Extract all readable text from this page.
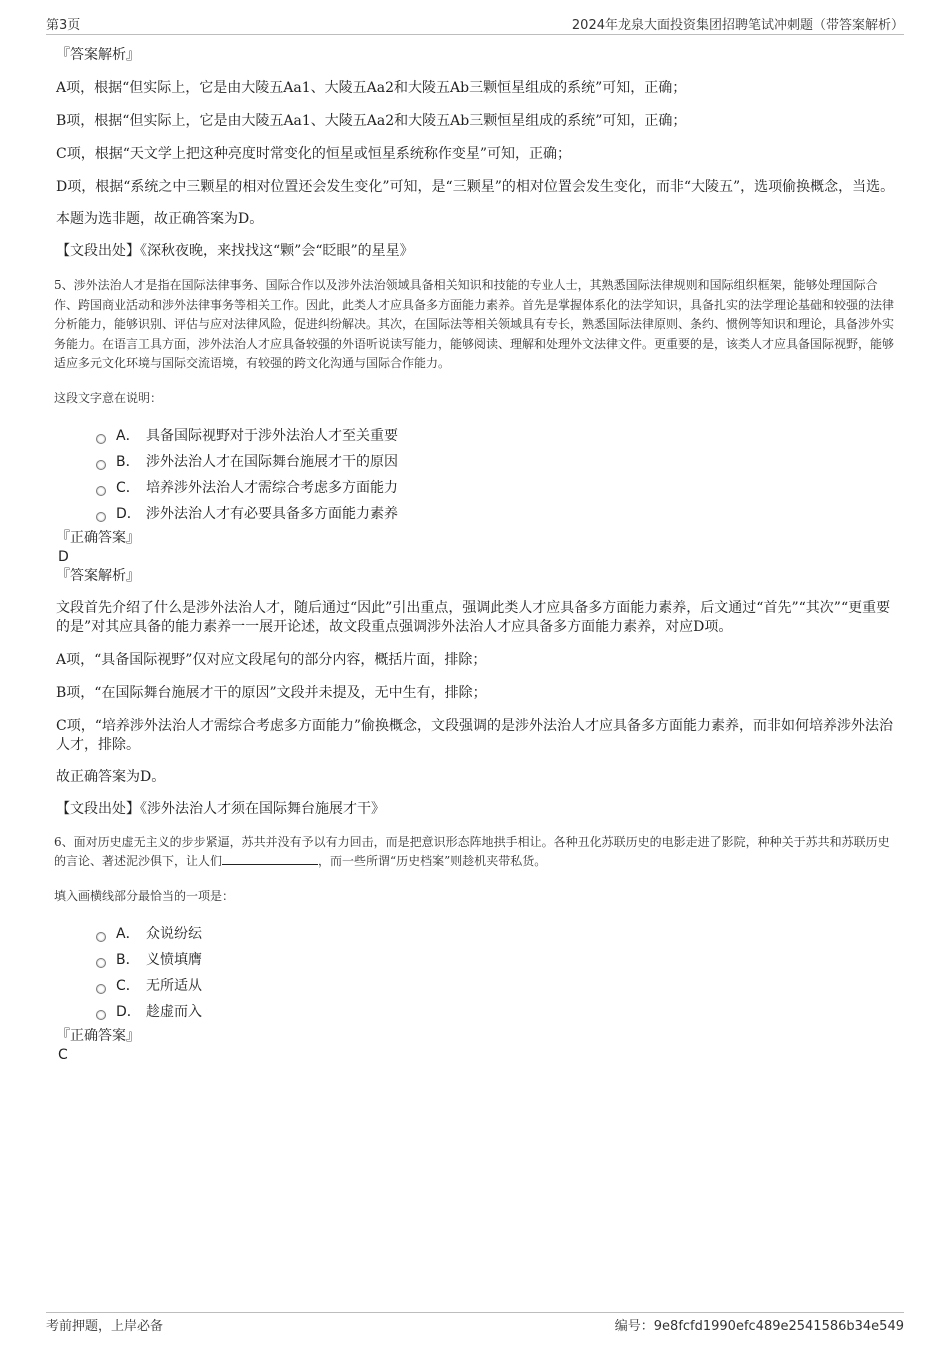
第3页	2024年龙泉大面投资集团招聘笔试冲刺题（带答案解析）

『答案解析』

A项，根据“但实际上，它是由大陵五Aa1、大陵五Aa2和大陵五Ab三颗恒星组成的系统”可知，正确；

B项，根据“但实际上，它是由大陵五Aa1、大陵五Aa2和大陵五Ab三颗恒星组成的系统”可知，正确；

C项，根据“天文学上把这种亮度时常变化的恒星或恒星系统称作变星”可知，正确；

D项，根据“系统之中三颗星的相对位置还会发生变化”可知，是“三颗星”的相对位置会发生变化，而非“大陵五”，选项偷换概念，当选。

本题为选非题，故正确答案为D。

【文段出处】《深秋夜晚，来找找这“颗”会“眨眼”的星星》

5、涉外法治人才是指在国际法律事务、国际合作以及涉外法治领域具备相关知识和技能的专业人士，其熟悉国际法律规则和国际组织框架，能够处理国际合作、跨国商业活动和涉外法律事务等相关工作。因此，此类人才应具备多方面能力素养。首先是掌握体系化的法学知识，具备扎实的法学理论基础和较强的法律分析能力，能够识别、评估与应对法律风险，促进纠纷解决。其次，在国际法等相关领域具有专长，熟悉国际法律原则、条约、惯例等知识和理论，具备涉外实务能力。在语言工具方面，涉外法治人才应具备较强的外语听说读写能力，能够阅读、理解和处理外文法律文件。更重要的是，该类人才应具备国际视野，能够适应多元文化环境与国际交流语境，有较强的跨文化沟通与国际合作能力。

这段文字意在说明：

A． 具备国际视野对于涉外法治人才至关重要
B． 涉外法治人才在国际舞台施展才干的原因
C． 培养涉外法治人才需综合考虑多方面能力
D． 涉外法治人才有必要具备多方面能力素养

『正确答案』

D

『答案解析』

文段首先介绍了什么是涉外法治人才，随后通过“因此”引出重点，强调此类人才应具备多方面能力素养，后文通过“首先”“其次”“更重要的是”对其应具备的能力素养一一展开论述，故文段重点强调涉外法治人才应具备多方面能力素养，对应D项。

A项，“具备国际视野”仅对应文段尾句的部分内容，概括片面，排除；

B项，“在国际舞台施展才干的原因”文段并未提及，无中生有，排除；

C项，“培养涉外法治人才需综合考虑多方面能力”偷换概念，文段强调的是涉外法治人才应具备多方面能力素养，而非如何培养涉外法治人才，排除。

故正确答案为D。

【文段出处】《涉外法治人才须在国际舞台施展才干》

6、面对历史虚无主义的步步紧逼，苏共并没有予以有力回击，而是把意识形态阵地拱手相让。各种丑化苏联历史的电影走进了影院，种种关于苏共和苏联历史的言论、著述泥沙俱下，让人们	，而一些所谓“历史档案”则趁机夹带私货。

填入画横线部分最恰当的一项是：

A． 众说纷纭
B． 义愤填膺
C． 无所适从
D． 趁虚而入

『正确答案』

C

考前押题，上岸必备	编号：9e8fcfd1990efc489e2541586b34e549
